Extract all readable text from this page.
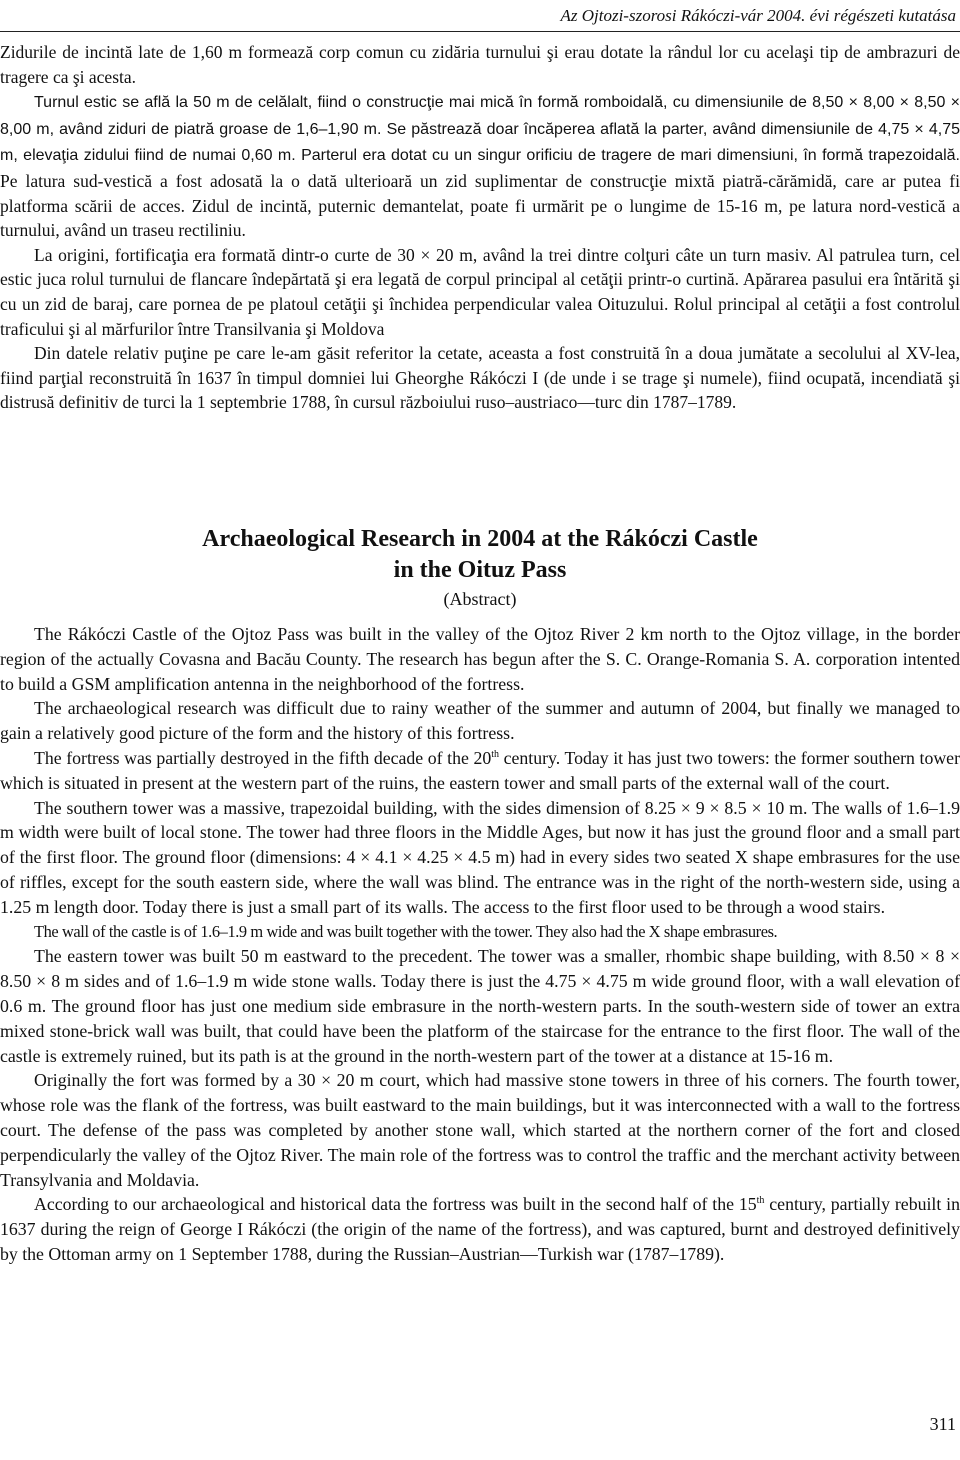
Az Ojtozi-szorosi Rákóczi-vár 2004. évi régészeti kutatása

Zidurile de incintă late de 1,60 m formează corp comun cu zidăria turnului şi erau dotate la rândul lor cu acelaşi tip de ambrazuri de tragere ca şi acesta.

Turnul estic se află la 50 m de celălalt, fiind o construcţie mai mică în formă romboidală, cu dimensiunile de 8,50 × 8,00 × 8,50 × 8,00 m, având ziduri de piatră groase de 1,6–1,90 m. Se păstrează doar încăperea aflată la parter, având dimensiunile de 4,75 × 4,75 m, elevaţia zidului fiind de numai 0,60 m. Parterul era dotat cu un singur orificiu de tragere de mari dimensiuni, în formă trapezoidală. Pe latura sud-vestică a fost adosată la o dată ulterioară un zid suplimentar de construcţie mixtă piatră-cărămidă, care ar putea fi platforma scării de acces. Zidul de incintă, puternic demantelat, poate fi urmărit pe o lungime de 15-16 m, pe latura nord-vestică a turnului, având un traseu rectiliniu.

La origini, fortificaţia era formată dintr-o curte de 30 × 20 m, având la trei dintre colţuri câte un turn masiv. Al patrulea turn, cel estic juca rolul turnului de flancare îndepărtată şi era legată de corpul principal al cetăţii printr-o curtină. Apărarea pasului era întărită şi cu un zid de baraj, care pornea de pe platoul cetăţii şi închidea perpendicular valea Oituzului. Rolul principal al cetăţii a fost controlul traficului şi al mărfurilor între Transilvania şi Moldova

Din datele relativ puţine pe care le-am găsit referitor la cetate, aceasta a fost construită în a doua jumătate a secolului al XV-lea, fiind parţial reconstruită în 1637 în timpul domniei lui Gheorghe Rákóczi I (de unde i se trage şi numele), fiind ocupată, incendiată şi distrusă definitiv de turci la 1 septembrie 1788, în cursul războiului ruso–austriaco—turc din 1787–1789.

Archaeological Research in 2004 at the Rákóczi Castle
in the Oituz Pass
(Abstract)

The Rákóczi Castle of the Ojtoz Pass was built in the valley of the Ojtoz River 2 km north to the Ojtoz village, in the border region of the actually Covasna and Bacău County. The research has begun after the S. C. Orange-Romania S. A. corporation intented to build a GSM amplification antenna in the neighborhood of the fortress.

The archaeological research was difficult due to rainy weather of the summer and autumn of 2004, but finally we managed to gain a relatively good picture of the form and the history of this fortress.

The fortress was partially destroyed in the fifth decade of the 20th century. Today it has just two towers: the former southern tower which is situated in present at the western part of the ruins, the eastern tower and small parts of the external wall of the court.

The southern tower was a massive, trapezoidal building, with the sides dimension of 8.25 × 9 × 8.5 × 10 m. The walls of 1.6–1.9 m width were built of local stone. The tower had three floors in the Middle Ages, but now it has just the ground floor and a small part of the first floor. The ground floor (dimensions: 4 × 4.1 × 4.25 × 4.5 m) had in every sides two seated X shape embrasures for the use of riffles, except for the south eastern side, where the wall was blind. The entrance was in the right of the north-western side, using a 1.25 m length door. Today there is just a small part of its walls. The access to the first floor used to be through a wood stairs.

The wall of the castle is of 1.6–1.9 m wide and was built together with the tower. They also had the X shape embrasures.

The eastern tower was built 50 m eastward to the precedent. The tower was a smaller, rhombic shape building, with 8.50 × 8 × 8.50 × 8 m sides and of 1.6–1.9 m wide stone walls. Today there is just the 4.75 × 4.75 m wide ground floor, with a wall elevation of 0.6 m. The ground floor has just one medium side embrasure in the north-western parts. In the south-western side of tower an extra mixed stone-brick wall was built, that could have been the platform of the staircase for the entrance to the first floor. The wall of the castle is extremely ruined, but its path is at the ground in the north-western part of the tower at a distance at 15-16 m.

Originally the fort was formed by a 30 × 20 m court, which had massive stone towers in three of his corners. The fourth tower, whose role was the flank of the fortress, was built eastward to the main buildings, but it was interconnected with a wall to the fortress court. The defense of the pass was completed by another stone wall, which started at the northern corner of the fort and closed perpendicularly the valley of the Ojtoz River. The main role of the fortress was to control the traffic and the merchant activity between Transylvania and Moldavia.

According to our archaeological and historical data the fortress was built in the second half of the 15th century, partially rebuilt in 1637 during the reign of George I Rákóczi (the origin of the name of the fortress), and was captured, burnt and destroyed definitively by the Ottoman army on 1 September 1788, during the Russian–Austrian—Turkish war (1787–1789).

311
